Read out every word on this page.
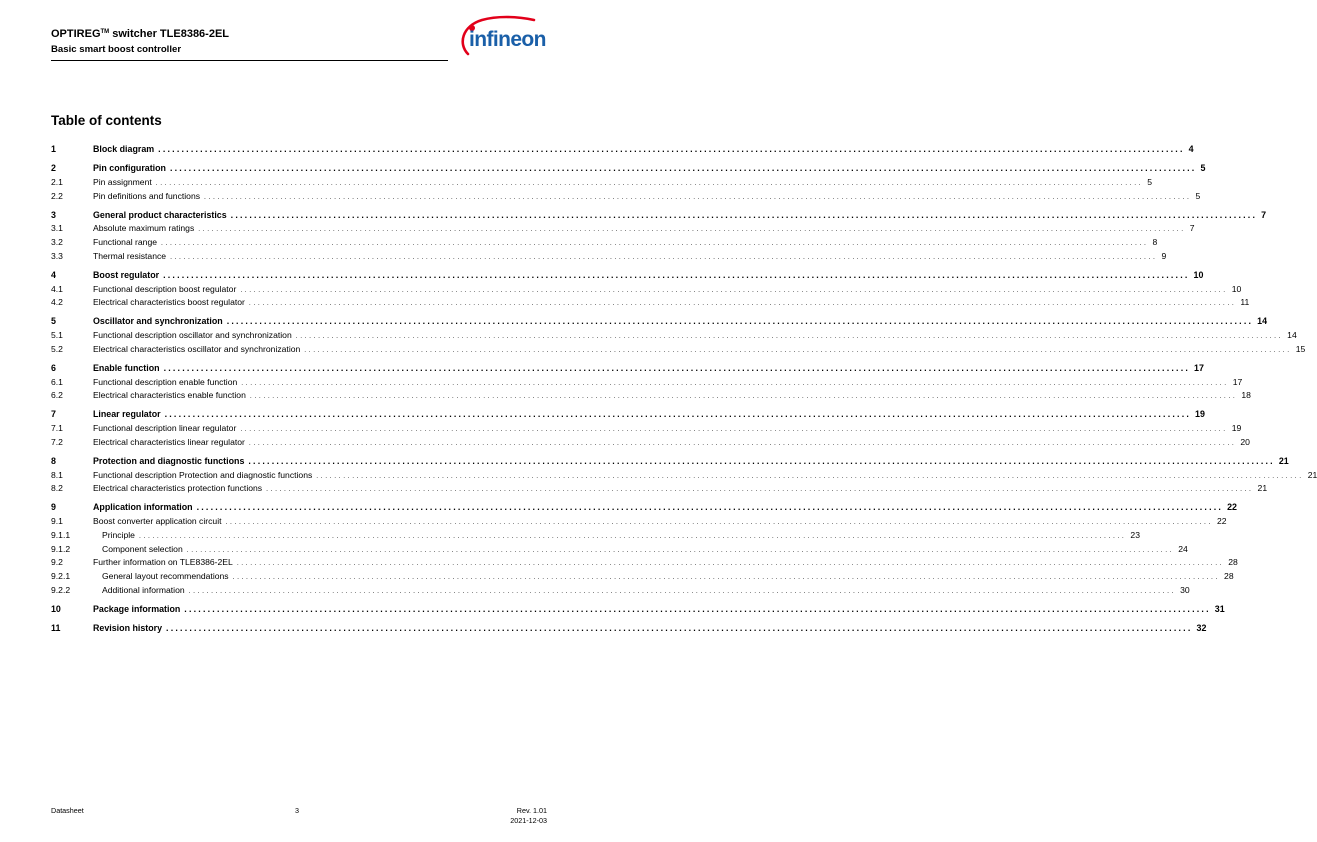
OPTIREG™ switcher TLE8386-2EL
Basic smart boost controller	infineon
Table of contents
1	Block diagram ............................................................................................................................................................................................................................ 4
2	Pin configuration ............................................................................................................................................................................................................................ 5
2.1	Pin assignment ............................................................................................................................................................................................................................ 5
2.2	Pin definitions and functions ............................................................................................................................................................................................................................ 5
3	General product characteristics ............................................................................................................................................................................................................................ 7
3.1	Absolute maximum ratings ............................................................................................................................................................................................................................ 7
3.2	Functional range ............................................................................................................................................................................................................................ 8
3.3	Thermal resistance ............................................................................................................................................................................................................................ 9
4	Boost regulator ............................................................................................................................................................................................................................ 10
4.1	Functional description boost regulator ............................................................................................................................................................................................................................ 10
4.2	Electrical characteristics boost regulator ............................................................................................................................................................................................................................ 11
5	Oscillator and synchronization ............................................................................................................................................................................................................................ 14
5.1	Functional description oscillator and synchronization ............................................................................................................................................................................................................................ 14
5.2	Electrical characteristics oscillator and synchronization ............................................................................................................................................................................................................................ 15
6	Enable function ............................................................................................................................................................................................................................ 17
6.1	Functional description enable function ............................................................................................................................................................................................................................ 17
6.2	Electrical characteristics enable function ............................................................................................................................................................................................................................ 18
7	Linear regulator ............................................................................................................................................................................................................................ 19
7.1	Functional description linear regulator ............................................................................................................................................................................................................................ 19
7.2	Electrical characteristics linear regulator ............................................................................................................................................................................................................................ 20
8	Protection and diagnostic functions ............................................................................................................................................................................................................................ 21
8.1	Functional description Protection and diagnostic functions ............................................................................................................................................................................................................................ 21
8.2	Electrical characteristics protection functions ............................................................................................................................................................................................................................ 21
9	Application information ............................................................................................................................................................................................................................ 22
9.1	Boost converter application circuit ............................................................................................................................................................................................................................ 22
9.1.1	Principle ............................................................................................................................................................................................................................ 23
9.1.2	Component selection ............................................................................................................................................................................................................................ 24
9.2	Further information on TLE8386-2EL ............................................................................................................................................................................................................................ 28
9.2.1	General layout recommendations ............................................................................................................................................................................................................................ 28
9.2.2	Additional information ............................................................................................................................................................................................................................ 30
10	Package information ............................................................................................................................................................................................................................ 31
11	Revision history ............................................................................................................................................................................................................................ 32
Datasheet	3	Rev. 1.01
2021-12-03
